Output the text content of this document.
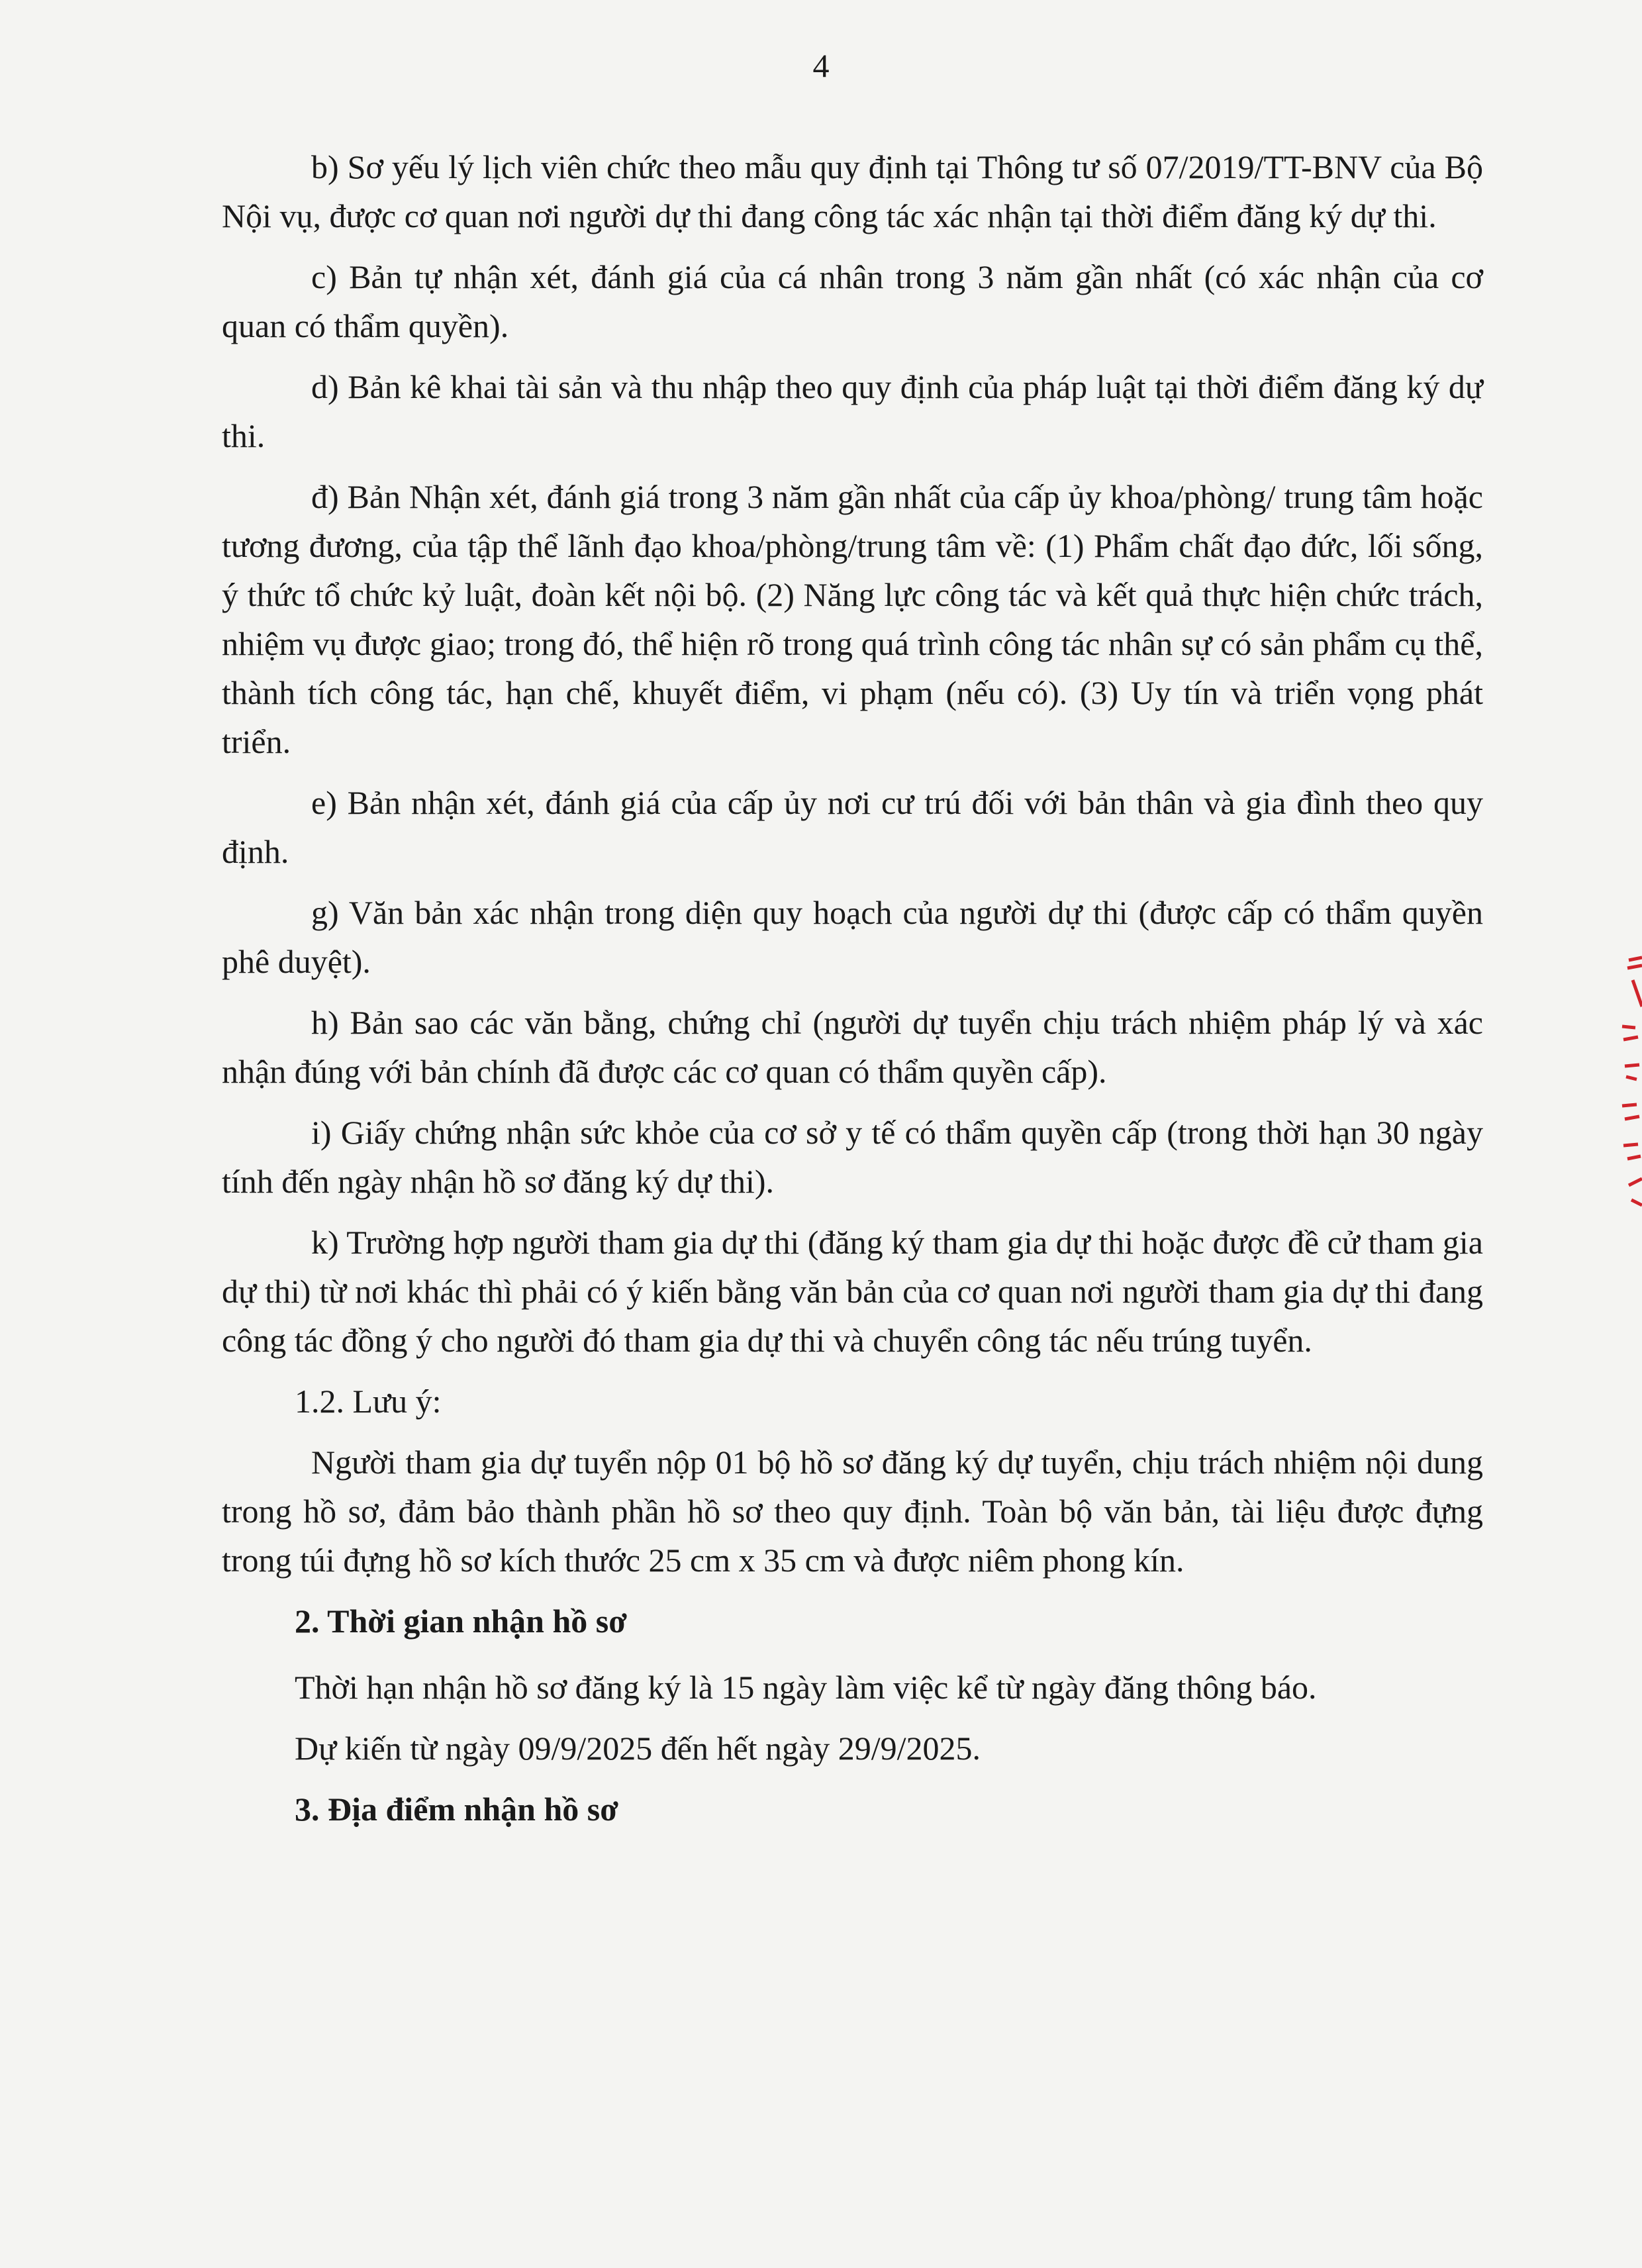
4

b) Sơ yếu lý lịch viên chức theo mẫu quy định tại Thông tư số 07/2019/TT-BNV của Bộ Nội vụ, được cơ quan nơi người dự thi đang công tác xác nhận tại thời điểm đăng ký dự thi.

c) Bản tự nhận xét, đánh giá của cá nhân trong 3 năm gần nhất (có xác nhận của cơ quan có thẩm quyền).

d) Bản kê khai tài sản và thu nhập theo quy định của pháp luật tại thời điểm đăng ký dự thi.

đ) Bản Nhận xét, đánh giá trong 3 năm gần nhất của cấp ủy khoa/phòng/ trung tâm hoặc tương đương, của tập thể lãnh đạo khoa/phòng/trung tâm về: (1) Phẩm chất đạo đức, lối sống, ý thức tổ chức kỷ luật, đoàn kết nội bộ. (2) Năng lực công tác và kết quả thực hiện chức trách, nhiệm vụ được giao; trong đó, thể hiện rõ trong quá trình công tác nhân sự có sản phẩm cụ thể, thành tích công tác, hạn chế, khuyết điểm, vi phạm (nếu có). (3) Uy tín và triển vọng phát triển.

e) Bản nhận xét, đánh giá của cấp ủy nơi cư trú đối với bản thân và gia đình theo quy định.

g) Văn bản xác nhận trong diện quy hoạch của người dự thi (được cấp có thẩm quyền phê duyệt).

h) Bản sao các văn bằng, chứng chỉ (người dự tuyển chịu trách nhiệm pháp lý và xác nhận đúng với bản chính đã được các cơ quan có thẩm quyền cấp).

i) Giấy chứng nhận sức khỏe của cơ sở y tế có thẩm quyền cấp (trong thời hạn 30 ngày tính đến ngày nhận hồ sơ đăng ký dự thi).

k) Trường hợp người tham gia dự thi (đăng ký tham gia dự thi hoặc được đề cử tham gia dự thi) từ nơi khác thì phải có ý kiến bằng văn bản của cơ quan nơi người tham gia dự thi đang công tác đồng ý cho người đó tham gia dự thi và chuyển công tác nếu trúng tuyển.

1.2. Lưu ý:

Người tham gia dự tuyển nộp 01 bộ hồ sơ đăng ký dự tuyển, chịu trách nhiệm nội dung trong hồ sơ, đảm bảo thành phần hồ sơ theo quy định. Toàn bộ văn bản, tài liệu được đựng trong túi đựng hồ sơ kích thước 25 cm x 35 cm và được niêm phong kín.

2. Thời gian nhận hồ sơ

Thời hạn nhận hồ sơ đăng ký là 15 ngày làm việc kể từ ngày đăng thông báo.

Dự kiến từ ngày 09/9/2025 đến hết ngày 29/9/2025.

3. Địa điểm nhận hồ sơ
